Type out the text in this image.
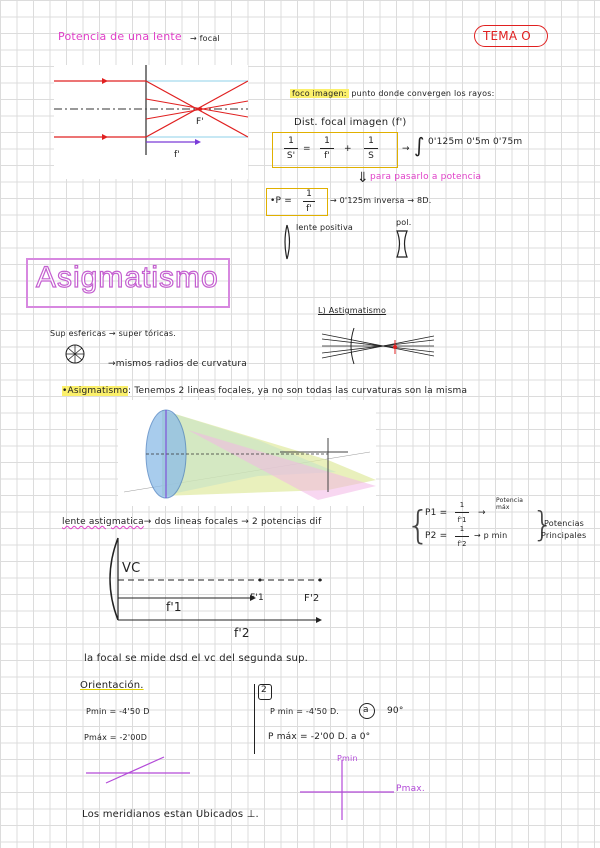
Potencia de una lente → focal	TEMA O
F'
f'
foco imagen: punto donde convergen los rayos:
Dist. focal imagen (f')
1
S'
=
1
f'
+
1
S
→ ∫ 0'125m 0'5m 0'75m
⇓ para pasarlo a potencia
•P =
1
f'
→ 0'125m inversa → 8D.
lente positiva
pol.
Asigmatismo
L) Astigmatismo
Sup esfericas → super tóricas.
→mismos radios de curvatura
•Asigmatismo: Tenemos 2 lineas focales, ya no son todas las curvaturas son la misma
lente astigmatica→ dos lineas focales → 2 potencias dif {
P1 =
1
f'1
→
Potencia máx
P2 =
1
f'2
→ p min }
Potencias
Principales
VC
F'1	F'2
f'1
f'2
la focal se mide dsd el vc del segunda sup.
Orientación.
Pmin = -4'50 D
Pmáx = -2'00D
2
P min = -4'50 D.	a 90°
P máx = -2'00 D. a 0°
Pmin
Pmax.
Los meridianos estan Ubicados ⊥.
